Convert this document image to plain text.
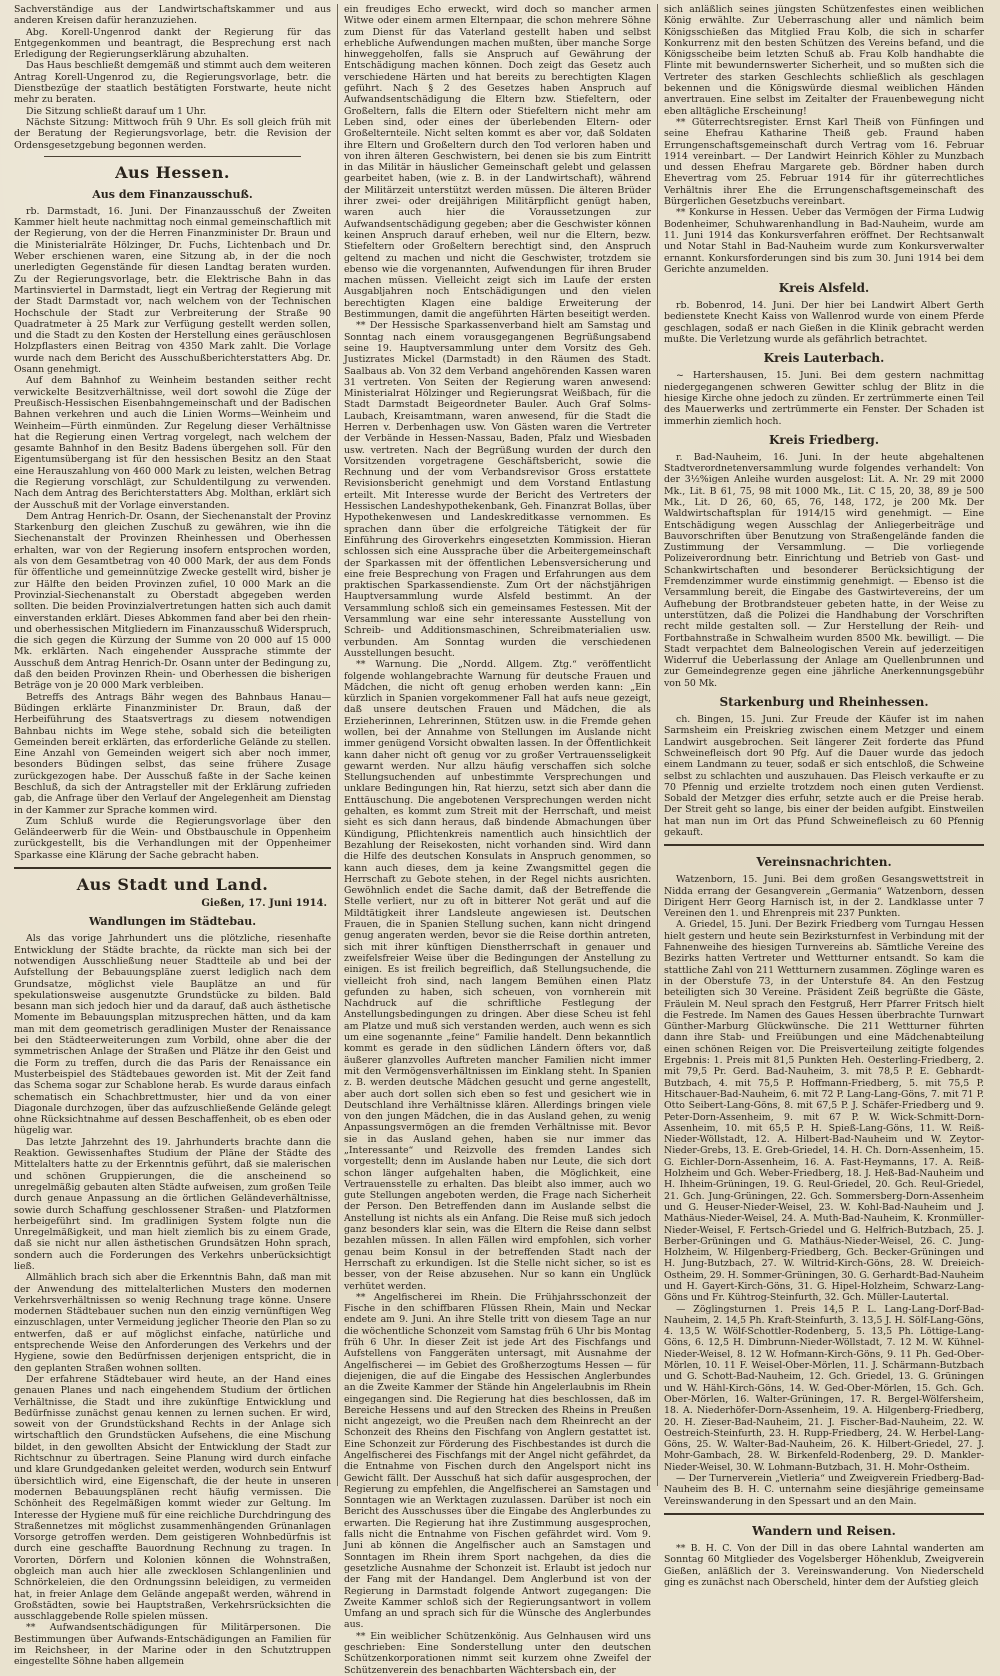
Sachverständige aus der Landwirtschaftskammer und aus anderen Kreisen dafür heranzuziehen.

Abg. Korell-Ungenrod dankt der Regierung für das Entgegenkommen und beantragt, die Besprechung erst nach Erledigung der Regierungserklärung abzuhalten.

Das Haus beschließt demgemäß und stimmt auch dem weiteren Antrag Korell-Ungenrod zu, die Regierungsvorlage, betr. die Dienstbezüge der staatlich bestätigten Forstwarte, heute nicht mehr zu beraten.

Die Sitzung schließt darauf um 1 Uhr.

Nächste Sitzung: Mittwoch früh 9 Uhr. Es soll gleich früh mit der Beratung der Regierungsvorlage, betr. die Revision der Ordensgesetzgebung begonnen werden.

Aus Hessen.
Aus dem Finanzausschuß.

rb. Darmstadt, 16. Juni. Der Finanzausschuß der Zweiten Kammer hielt heute nachmittag noch einmal gemeinschaftlich mit der Regierung, von der die Herren Finanzminister Dr. Braun und die Ministerialräte Hölzinger, Dr. Fuchs, Lichtenbach und Dr. Weber erschienen waren, eine Sitzung ab, in der die noch unerledigten Gegenstände für diesen Landtag beraten wurden. Zu der Regierungsvorlage, betr. die Elektrische Bahn in das Martinsviertel in Darmstadt, liegt ein Vertrag der Regierung mit der Stadt Darmstadt vor, nach welchem von der Technischen Hochschule der Stadt zur Verbreiterung der Straße 90 Quadratmeter à 25 Mark zur Verfügung gestellt werden sollen, und die Stadt zu den Kosten der Herstellung eines geräuschlosen Holzpflasters einen Beitrag von 4350 Mark zahlt. Die Vorlage wurde nach dem Bericht des Ausschußberichterstatters Abg. Dr. Osann genehmigt.

Auf dem Bahnhof zu Weinheim bestanden seither recht verwickelte Besitzverhältnisse, weil dort sowohl die Züge der Preußisch-Hessischen Eisenbahngemeinschaft und der Badischen Bahnen verkehren und auch die Linien Worms—Weinheim und Weinheim—Fürth einmünden. Zur Regelung dieser Verhältnisse hat die Regierung einen Vertrag vorgelegt, nach welchem der gesamte Bahnhof in den Besitz Badens übergehen soll. Für den Eigentumsübergang ist für den hessischen Besitz an den Staat eine Herauszahlung von 460 000 Mark zu leisten, welchen Betrag die Regierung vorschlägt, zur Schuldentilgung zu verwenden. Nach dem Antrag des Berichterstatters Abg. Molthan, erklärt sich der Ausschuß mit der Vorlage einverstanden.

Dem Antrag Henrich-Dr. Osann, der Siechenanstalt der Provinz Starkenburg den gleichen Zuschuß zu gewähren, wie ihn die Siechenanstalt der Provinzen Rheinhessen und Oberhessen erhalten, war von der Regierung insofern entsprochen worden, als von dem Gesamtbetrag von 40 000 Mark, der aus dem Fonds für öffentliche und gemeinnützige Zwecke gestellt wird, bisher je zur Hälfte den beiden Provinzen zufiel, 10 000 Mark an die Provinzial-Siechenanstalt zu Oberstadt abgegeben werden sollten. Die beiden Provinzialvertretungen hatten sich auch damit einverstanden erklärt. Dieses Abkommen fand aber bei den rhein- und oberhessischen Mitgliedern im Finanzausschuß Widerspruch, die sich gegen die Kürzung der Summe von 20 000 auf 15 000 Mk. erklärten. Nach eingehender Aussprache stimmte der Ausschuß dem Antrag Henrich-Dr. Osann unter der Bedingung zu, daß den beiden Provinzen Rhein- und Oberhessen die bisherigen Beträge von je 20 000 Mark verbleiben.

Betreffs des Antrags Bähr wegen des Bahnbaus Hanau—Büdingen erklärte Finanzminister Dr. Braun, daß der Herbeiführung des Staatsvertrags zu diesem notwendigen Bahnbau nichts im Wege stehe, sobald sich die beteiligten Gemeinden bereit erklärten, das erforderliche Gelände zu stellen. Eine Anzahl von Gemeinden weigert sich aber noch immer, besonders Büdingen selbst, das seine frühere Zusage zurückgezogen habe. Der Ausschuß faßte in der Sache keinen Beschluß, da sich der Antragsteller mit der Erklärung zufrieden gab, die Anfrage über den Verlauf der Angelegenheit am Dienstag in der Kammer zur Sprache kommen wird.

Zum Schluß wurde die Regierungsvorlage über den Geländeerwerb für die Wein- und Obstbauschule in Oppenheim zurückgestellt, bis die Verhandlungen mit der Oppenheimer Sparkasse eine Klärung der Sache gebracht haben.

Aus Stadt und Land.
Gießen, 17. Juni 1914.
Wandlungen im Städtebau.

Als das vorige Jahrhundert uns die plötzliche, riesenhafte Entwicklung der Städte brachte, da rückte man sich bei der notwendigen Ausschließung neuer Stadtteile ab und bei der Aufstellung der Bebauungspläne zuerst lediglich nach dem Grundsatze, möglichst viele Bauplätze an und für spekulationsweise ausgenutzte Grundstücke zu bilden. Bald besann man sich jedoch hier und da darauf, daß auch ästhetische Momente im Bebauungsplan mitzusprechen hätten, und da kam man mit dem geometrisch geradlinigen Muster der Renaissance bei den Städteerweiterungen zum Vorbild, ohne aber die der symmetrischen Anlage der Straßen und Plätze ihr den Geist und die Form zu treffen, durch die das Paris der Renaissance ein Musterbeispiel des Städtebaues geworden ist. Mit der Zeit fand das Schema sogar zur Schablone herab. Es wurde daraus einfach schematisch ein Schachbrettmuster, hier und da von einer Diagonale durchzogen, über das aufzuschließende Gelände gelegt ohne Rücksichtnahme auf dessen Beschaffenheit, ob es eben oder hügelig war.

Das letzte Jahrzehnt des 19. Jahrhunderts brachte dann die Reaktion. Gewissenhaftes Studium der Pläne der Städte des Mittelalters hatte zu der Erkenntnis geführt, daß sie malerischen und schönen Gruppierungen, die die anscheinend so unregelmäßig gebauten alten Städte aufweisen, zum großen Teile durch genaue Anpassung an die örtlichen Geländeverhältnisse, sowie durch Schaffung geschlossener Straßen- und Platzformen herbeigeführt sind. Im gradlinigen System folgte nun die Unregelmäßigkeit, und man hielt ziemlich bis zu einem Grade, daß sie nicht nur allen ästhetischen Grundsätzen Hohn sprach, sondern auch die Forderungen des Verkehrs unberücksichtigt ließ.

Allmählich brach sich aber die Erkenntnis Bahn, daß man mit der Anwendung des mittelalterlichen Musters den modernen Verkehrsverhältnissen so wenig Rechnung trage könne. Unsere modernen Städtebauer suchen nun den einzig vernünftigen Weg einzuschlagen, unter Vermeidung jeglicher Theorie den Plan so zu entwerfen, daß er auf möglichst einfache, natürliche und entsprechende Weise den Anforderungen des Verkehrs und der Hygiene, sowie den Bedürfnissen derjenigen entspricht, die in den geplanten Straßen wohnen sollten.

Der erfahrene Städtebauer wird heute, an der Hand eines genauen Planes und nach eingehendem Studium der örtlichen Verhältnisse, die Stadt und ihre zukünftige Entwicklung und Bedürfnisse zunächst genau kennen zu lernen suchen. Er wird, soweit von der Grundstückshand Rechts in der Anlage sich wirtschaftlich den Grundstücken Aufsehens, die eine Mischung bildet, in den gewollten Absicht der Entwicklung der Stadt zur Richtschnur zu übertragen. Seine Planung wird durch einfache und klare Grundgedanken geleitet werden, wodurch sein Entwurf übersichtlich wird, eine Eigenschaft, die der heute in unseren modernen Bebauungsplänen recht häufig vermissen. Die Schönheit des Regelmäßigen kommt wieder zur Geltung. Im Interesse der Hygiene muß für eine reichliche Durchdringung des Straßennetzes mit möglichst zusammenhängenden Grünanlagen Vorsorge getroffen werden. Dem geistigeren Wohnbedürfnis ist durch eine geschaffte Bauordnung Rechnung zu tragen. In Vororten, Dörfern und Kolonien können die Wohnstraßen, obgleich man auch hier alle zwecklosen Schlangenlinien und Schnörkeleien, die den Ordnungssinn beleidigen, zu vermeiden hat, in freier Anlage dem Gelände angepaßt werden, während in Großstädten, sowie bei Hauptstraßen, Verkehrsrücksichten die ausschlaggebende Rolle spielen müssen.

** Aufwandsentschädigungen für Militärpersonen. Die Bestimmungen über Aufwands-Entschädigungen an Familien für im Reichsheer, in der Marine oder in den Schutztruppen eingestellte Söhne haben allgemein

ein freudiges Echo erweckt, wird doch so mancher armen Witwe oder einem armen Elternpaar, die schon mehrere Söhne zum Dienst für das Vaterland gestellt haben und selbst erhebliche Aufwendungen machen mußten, über manche Sorge hinweggeholfen, falls sie Anspruch auf Gewährung der Entschädigung machen können. Doch zeigt das Gesetz auch verschiedene Härten und hat bereits zu berechtigten Klagen geführt. Nach § 2 des Gesetzes haben Anspruch auf Aufwandsentschädigung die Eltern bzw. Stiefeltern, oder Großeltern, falls die Eltern oder Stiefeltern nicht mehr am Leben sind, oder eines der überlebenden Eltern- oder Großelternteile. Nicht selten kommt es aber vor, daß Soldaten ihre Eltern und Großeltern durch den Tod verloren haben und von ihren älteren Geschwistern, bei denen sie bis zum Eintritt in das Militär in häuslicher Gemeinschaft gelebt und gelassen gearbeitet haben, (wie z. B. in der Landwirtschaft), während der Militärzeit unterstützt werden müssen. Die älteren Brüder ihrer zwei- oder dreijährigen Militärpflicht genügt haben, waren auch hier die Voraussetzungen zur Aufwandsentschädigung gegeben; aber die Geschwister können keinen Anspruch darauf erheben, weil nur die Eltern, bezw. Stiefeltern oder Großeltern berechtigt sind, den Anspruch geltend zu machen und nicht die Geschwister, trotzdem sie ebenso wie die vorgenannten, Aufwendungen für ihren Bruder machen müssen. Vielleicht zeigt sich im Laufe der ersten Ausgabljahren noch Entschädigungen und den vielen berechtigten Klagen eine baldige Erweiterung der Bestimmungen, damit die angeführten Härten beseitigt werden.

** Der Hessische Sparkassenverband hielt am Samstag und Sonntag nach einem vorausgegangenen Begrüßungsabend seine 19. Hauptversammlung unter dem Vorsitz des Geh. Justizrates Mickel (Darmstadt) in den Räumen des Stadt. Saalbaus ab. Von 32 dem Verband angehörenden Kassen waren 31 vertreten. Von Seiten der Regierung waren anwesend: Ministerialrat Hölzinger und Regierungsrat Weißbach, für die Stadt Darmstadt Beigeordneter Bauler. Auch Graf Solms-Laubach, Kreisamtmann, waren anwesend, für die Stadt die Herren v. Derbenhagen usw. Von Gästen waren die Vertreter der Verbände in Hessen-Nassau, Baden, Pfalz und Wiesbaden usw. vertreten. Nach der Begrüßung wurden der durch den Vorsitzenden vorgetragene Geschäftsbericht, sowie die Rechnung und der vom Verbandsrevisor Gross erstattete Revisionsbericht genehmigt und dem Vorstand Entlastung erteilt. Mit Interesse wurde der Bericht des Vertreters der Hessischen Landeshypothekenbank, Geh. Finanzrat Bollas, über Hypothekenwesen und Landeskreditkasse vernommen. Es sprachen dann über die erfolgreiche Tätigkeit der für Einführung des Giroverkehrs eingesetzten Kommission. Hieran schlossen sich eine Aussprache über die Arbeitergemeinschaft der Sparkassen mit der öffentlichen Lebensversicherung und eine freie Besprechung von Fragen und Erfahrungen aus dem praktischen Sparkassendienste. Zum Ort der nächstjährigen Hauptversammlung wurde Alsfeld bestimmt. An der Versammlung schloß sich ein gemeinsames Festessen. Mit der Versammlung war eine sehr interessante Ausstellung von Schreib- und Additionsmaschinen, Schreibmaterialien usw. verbunden. Am Sonntag wurden die verschiedenen Ausstellungen besucht.

** Warnung. Die „Nordd. Allgem. Ztg.“ veröffentlicht folgende wohlangebrachte Warnung für deutsche Frauen und Mädchen, die nicht oft genug erhoben werden kann: „Ein kürzlich in Spanien vorgekommener Fall hat aufs neue gezeigt, daß unsere deutschen Frauen und Mädchen, die als Erzieherinnen, Lehrerinnen, Stützen usw. in die Fremde gehen wollen, bei der Annahme von Stellungen im Auslande nicht immer genügend Vorsicht obwalten lassen. In der Öffentlichkeit kann daher nicht oft genug vor zu großer Vertrauensseligkeit gewarnt werden. Nur allzu häufig verschaffen sich solche Stellungsuchenden auf unbestimmte Versprechungen und unklare Bedingungen hin, Rat hierzu, setzt sich aber dann die Enttäuschung. Die angebotenen Versprechungen werden nicht gehalten, es kommt zum Streit mit der Herrschaft, und meist sieht es sich dann heraus, daß bindende Abmachungen über Kündigung, Pflichtenkreis namentlich auch hinsichtlich der Bezahlung der Reisekosten, nicht vorhanden sind. Wird dann die Hilfe des deutschen Konsulats in Anspruch genommen, so kann auch dieses, dem ja keine Zwangsmittel gegen die Herrschaft zu Gebote stehen, in der Regel nichts ausrichten. Gewöhnlich endet die Sache damit, daß der Betreffende die Stelle verliert, nur zu oft in bitterer Not gerät und auf die Mildtätigkeit ihrer Landsleute angewiesen ist. Deutschen Frauen, die in Spanien Stellung suchen, kann nicht dringend genug angeraten werden, bevor sie die Reise dorthin antreten, sich mit ihrer künftigen Dienstherrschaft in genauer und zweifelsfreier Weise über die Bedingungen der Anstellung zu einigen. Es ist freilich begreiflich, daß Stellungsuchende, die vielleicht froh sind, nach langem Bemühen einen Platz gefunden zu haben, sich scheuen, von vornherein mit Nachdruck auf die schriftliche Festlegung der Anstellungsbedingungen zu dringen. Aber diese Scheu ist fehl am Platze und muß sich verstanden werden, auch wenn es sich um eine sogenannte „feine“ Familie handelt. Denn bekanntlich kommt es gerade in den südlichen Ländern öfters vor, daß äußerer glanzvolles Auftreten mancher Familien nicht immer mit den Vermögensverhältnissen im Einklang steht. In Spanien z. B. werden deutsche Mädchen gesucht und gerne angestellt, aber auch dort sollen sich eben so fest und gesichert wie in Deutschland ihre Verhältnisse klären. Allerdings bringen viele von den jungen Mädchen, die in das Ausland gehen, zu wenig Anpassungsvermögen an die fremden Verhältnisse mit. Bevor sie in das Ausland gehen, haben sie nur immer das „Interessante“ und Reizvolle des fremden Landes sich vorgestellt; denn im Auslande haben nur Leute, die sich dort schon länger aufgehalten haben, die Möglichkeit, eine Vertrauensstelle zu erhalten. Das bleibt also immer, auch wo gute Stellungen angeboten werden, die Frage nach Sicherheit der Person. Den Betreffenden dann im Auslande selbst die Anstellung ist nichts als ein Anfang. Die Reise muß sich jedoch ganz besonders klar sein, was die Eltern die Reise dann selbst bezahlen müssen. In allen Fällen wird empfohlen, sich vorher genau beim Konsul in der betreffenden Stadt nach der Herrschaft zu erkundigen. Ist die Stelle nicht sicher, so ist es besser, von der Reise abzusehen. Nur so kann ein Unglück verhütet werden.

** Angelfischerei im Rhein. Die Frühjahrsschonzeit der Fische in den schiffbaren Flüssen Rhein, Main und Neckar endete am 9. Juni. An ihre Stelle tritt von diesem Tage an nur die wöchentliche Schonzeit vom Samstag früh 6 Uhr bis Montag früh 6 Uhr. In dieser Zeit ist jede Art des Fischfangs und Aufstellens von Fanggeräten untersagt, mit Ausnahme der Angelfischerei — im Gebiet des Großherzogtums Hessen — für diejenigen, die auf die Eingabe des Hessischen Anglerbundes an die Zweite Kammer der Stände hin Angelerlaubnis im Rhein eingegangen sind. Die Regierung hat dies beschlossen, daß im Bereiche Hessens und auf den Strecken des Rheins in Preußen nicht angezeigt, wo die Preußen nach dem Rheinrecht an der Schonzeit des Rheins den Fischfang von Anglern gestattet ist. Eine Schonzeit zur Förderung des Fischbestandes ist durch die Angelfischerei des Fischfangs mit der Angel nicht gefährdet, da die Entnahme von Fischen durch den Angelsport nicht ins Gewicht fällt. Der Ausschuß hat sich dafür ausgesprochen, der Regierung zu empfehlen, die Angelfischerei an Samstagen und Sonntagen wie an Werktagen zuzulassen. Darüber ist noch ein Bericht des Ausschusses über die Eingabe des Anglerbundes zu erwarten. Die Regierung hat ihre Zustimmung ausgesprochen, falls nicht die Entnahme von Fischen gefährdet wird. Vom 9. Juni ab können die Angelfischer auch an Samstagen und Sonntagen im Rhein ihrem Sport nachgehen, da dies die gesetzliche Ausnahme der Schonzeit ist. Erlaubt ist jedoch nur der Fang mit der Handangel. Dem Anglerbund ist von der Regierung in Darmstadt folgende Antwort zugegangen: Die Zweite Kammer schloß sich der Regierungsantwort in vollem Umfang an und sprach sich für die Wünsche des Anglerbundes aus.

** Ein weiblicher Schützenkönig. Aus Gelnhausen wird uns geschrieben: Eine Sonderstellung unter den deutschen Schützenkorporationen nimmt seit kurzem ohne Zweifel der Schützenverein des benachbarten Wächtersbach ein, der

sich anläßlich seines jüngsten Schützenfestes einen weiblichen König erwählte. Zur Ueberraschung aller und nämlich beim Königsschießen das Mitglied Frau Kolb, die sich in scharfer Konkurrenz mit den besten Schützen des Vereins befand, und die Königsscheibe beim letzten Schuß ab. Frau Kolb handhabte die Flinte mit bewundernswerter Sicherheit, und so mußten sich die Vertreter des starken Geschlechts schließlich als geschlagen bekennen und die Königswürde diesmal weiblichen Händen anvertrauen. Eine selbst im Zeitalter der Frauenbewegung nicht eben alltägliche Erscheinung!

** Güterrechtsregister. Ernst Karl Theiß von Fünfingen und seine Ehefrau Katharine Theiß geb. Fraund haben Errungenschaftsgemeinschaft durch Vertrag vom 16. Februar 1914 vereinbart. — Der Landwirt Heinrich Köhler zu Munzbach und dessen Ehefrau Margarete geb. Bördner haben durch Ehevertrag vom 25. Februar 1914 für ihr güterrechtliches Verhältnis ihrer Ehe die Errungenschaftsgemeinschaft des Bürgerlichen Gesetzbuchs vereinbart.

** Konkurse in Hessen. Ueber das Vermögen der Firma Ludwig Bodenheimer, Schuhwarenhandlung in Bad-Nauheim, wurde am 11. Juni 1914 das Konkursverfahren eröffnet. Der Rechtsanwalt und Notar Stahl in Bad-Nauheim wurde zum Konkursverwalter ernannt. Konkursforderungen sind bis zum 30. Juni 1914 bei dem Gerichte anzumelden.

Kreis Alsfeld.

rb. Bobenrod, 14. Juni. Der hier bei Landwirt Albert Gerth bedienstete Knecht Kaiss von Wallenrod wurde von einem Pferde geschlagen, sodaß er nach Gießen in die Klinik gebracht werden mußte. Die Verletzung wurde als gefährlich betrachtet.

Kreis Lauterbach.

~ Hartershausen, 15. Juni. Bei dem gestern nachmittag niedergegangenen schweren Gewitter schlug der Blitz in die hiesige Kirche ohne jedoch zu zünden. Er zertrümmerte einen Teil des Mauerwerks und zertrümmerte ein Fenster. Der Schaden ist immerhin ziemlich hoch.

Kreis Friedberg.

r. Bad-Nauheim, 16. Juni. In der heute abgehaltenen Stadtverordnetenversammlung wurde folgendes verhandelt: Von der 3½%igen Anleihe wurden ausgelost: Lit. A. Nr. 29 mit 2000 Mk., Lit. B 61, 75, 98 mit 1000 Mk., Lit. C 15, 20, 38, 89 je 500 Mk., Lit. D 26, 60, 65, 76, 148, 172, je 200 Mk. Der Waldwirtschaftsplan für 1914/15 wird genehmigt. — Eine Entschädigung wegen Ausschlag der Anliegerbeiträge und Bauvorschriften über Benutzung von Straßengelände fanden die Zustimmung der Versammlung. — Die vorliegende Polizeiverordnung betr. Einrichtung und Betrieb von Gast- und Schankwirtschaften und besonderer Berücksichtigung der Fremdenzimmer wurde einstimmig genehmigt. — Ebenso ist die Versammlung bereit, die Eingabe des Gastwirtevereins, der um Aufhebung der Brotbrandsteuer gebeten hatte, in der Weise zu unterstützen, daß die Polizei die Handhabung der Vorschriften recht milde gestalten soll. — Zur Herstellung der Reih- und Fortbahnstraße in Schwalheim wurden 8500 Mk. bewilligt. — Die Stadt verpachtet dem Balneologischen Verein auf jederzeitigen Widerruf die Ueberlassung der Anlage am Quellenbrunnen und zur Gemeindegrenze gegen eine jährliche Anerkennungsgebühr von 50 Mk.

Starkenburg und Rheinhessen.

ch. Bingen, 15. Juni. Zur Freude der Käufer ist im nahen Sarmsheim ein Preiskrieg zwischen einem Metzger und einem Landwirt ausgebrochen. Seit längerer Zeit forderte das Pfund Schweinefleisch dort 90 Pfg. Auf die Dauer wurde das jedoch einem Landmann zu teuer, sodaß er sich entschloß, die Schweine selbst zu schlachten und auszuhauen. Das Fleisch verkaufte er zu 70 Pfennig und erzielte trotzdem noch einen guten Verdienst. Sobald der Metzger dies erfuhr, setzte auch er die Preise herab. Der Streit geht so lange, bis einer der beiden aufgibt. Einstweilen hat man nun im Ort das Pfund Schweinefleisch zu 60 Pfennig gekauft.

Vereinsnachrichten.

Watzenborn, 15. Juni. Bei dem großen Gesangswettstreit in Nidda errang der Gesangverein „Germania“ Watzenborn, dessen Dirigent Herr Georg Harnisch ist, in der 2. Landklasse unter 7 Vereinen den 1. und Ehrenpreis mit 237 Punkten.

A. Griedel, 15. Juni. Der Bezirk Friedberg vom Turngau Hessen hielt gestern und heute sein Bezirksturnfest in Verbindung mit der Fahnenweihe des hiesigen Turnvereins ab. Sämtliche Vereine des Bezirks hatten Vertreter und Wettturner entsandt. So kam die stattliche Zahl von 211 Wettturnern zusammen. Zöglinge waren es in der Oberstufe 73, in der Unterstufe 84. An den Festzug beteiligten sich 30 Vereine. Präsident Zeiß begrüßte die Gäste, Fräulein M. Neul sprach den Festgruß, Herr Pfarrer Fritsch hielt die Festrede. Im Namen des Gaues Hessen überbrachte Turnwart Günther-Marburg Glückwünsche. Die 211 Wettturner führten dann ihre Stab- und Freiübungen und eine Mädchenabteilung einen schönen Reigen vor. Die Preisverteilung zeitigte folgendes Ergebnis: 1. Preis mit 81,5 Punkten Heh. Oesterling-Friedberg, 2. mit 79,5 Pr. Gerd. Bad-Nauheim, 3. mit 78,5 P. E. Gebhardt-Butzbach, 4. mit 75,5 P. Hoffmann-Friedberg, 5. mit 75,5 P. Hitschauer-Bad-Nauheim, 6. mit 72 P. Lang-Lang-Göns, 7. mit 71 P. Otto Seibert-Lang-Göns, 8. mit 67,5 P. J. Schäfer-Friedberg und 9. Peter-Dorn-Assenheim, 9. mit 67 P. W. Wick-Schmitt-Dorn-Assenheim, 10. mit 65,5 P. H. Spieß-Lang-Göns, 11. W. Reiß-Nieder-Wöllstadt, 12. A. Hilbert-Bad-Nauheim und W. Zeytor-Nieder-Grebs, 13. E. Greb-Griedel, 14. H. Ch. Dorn-Assenheim, 15. G. Eichler-Dorn-Assenheim, 16. A. Fast-Heymanns, 17. A. Reiß-Holzheim und Gch. Weber-Friedberg, 18. J. Heß-Bad-Nauheim und H. Ihheim-Grüningen, 19. G. Reul-Griedel, 20. Gch. Reul-Griedel, 21. Gch. Jung-Grüningen, 22. Gch. Sommersberg-Dorn-Assenheim und G. Heuser-Nieder-Weisel, 23. W. Kohl-Bad-Nauheim und J. Mathäus-Nieder-Weisel, 24. A. Muth-Bad-Nauheim, K. Kronmüller-Nieder-Weisel, F. Fertsch-Griedel und G. Helfrich-Butzbach, 25. J. Berber-Grüningen und G. Mathäus-Nieder-Weisel, 26. C. Jung-Holzheim, W. Hilgenberg-Friedberg, Gch. Becker-Grüningen und H. Jung-Butzbach, 27. W. Wiltrid-Kirch-Göns, 28. W. Dreieich-Ostheim, 29. H. Sommer-Grüningen, 30. G. Gerhardt-Bad-Nauheim und H. Gayert-Kirch-Göns, 31. G. Hipel-Holzheim, Schwarz-Lang-Göns und Fr. Kühtrog-Steinfurth, 32. Gch. Müller-Lautertal.

— Zöglingsturnen 1. Preis 14,5 P. L. Lang-Lang-Dorf-Bad-Nauheim, 2. 14,5 Ph. Kraft-Steinfurth, 3. 13,5 J. H. Sölf-Lang-Göns, 4. 13,5 W. Wölf-Schottler-Rodenberg, 5. 13,5 Ph. Löttige-Lang-Göns, 6. 12,5 H. Dimbrunn-Nieder-Wöllstadt, 7. 12 M. W. Kühnel-Nieder-Weisel, 8. 12 W. Hofmann-Kirch-Göns, 9. 11 Ph. Ged-Ober-Mörlen, 10. 11 F. Weisel-Ober-Mörlen, 11. J. Schärmann-Butzbach und G. Schott-Bad-Nauheim, 12. Gch. Griedel, 13. G. Grüningen und W. Hähl-Kirch-Göns, 14. W. Ged-Ober-Mörlen, 15. Gch. Gch. Ober-Mörlen, 16. Walter-Grüningen, 17. R. Bergel-Wölfersheim, 18. A. Niederhöfer-Dorn-Assenheim, 19. A. Hilgenberg-Friedberg, 20. H. Zieser-Bad-Nauheim, 21. J. Fischer-Bad-Nauheim, 22. W. Oestreich-Steinfurth, 23. H. Rupp-Friedberg, 24. W. Herbel-Lang-Göns, 25. W. Walter-Bad-Nauheim, 26. K. Hilbert-Griedel, 27. J. Mohr-Gambach, 28. W. Birkenfeld-Rodenberg, 29. D. Mankler-Nieder-Weisel, 30. W. Lohmann-Butzbach, 31. H. Mohr-Ostheim.

— Der Turnerverein „Vietleria“ und Zweigverein Friedberg-Bad-Nauheim des B. H. C. unternahm seine diesjährige gemeinsame Vereinswanderung in den Spessart und an den Main.

Wandern und Reisen.

** B. H. C. Von der Dill in das obere Lahntal wanderten am Sonntag 60 Mitglieder des Vogelsberger Höhenklub, Zweigverein Gießen, anläßlich der 3. Vereinswanderung. Von Niederscheld ging es zunächst nach Oberscheld, hinter dem der Aufstieg gleich
